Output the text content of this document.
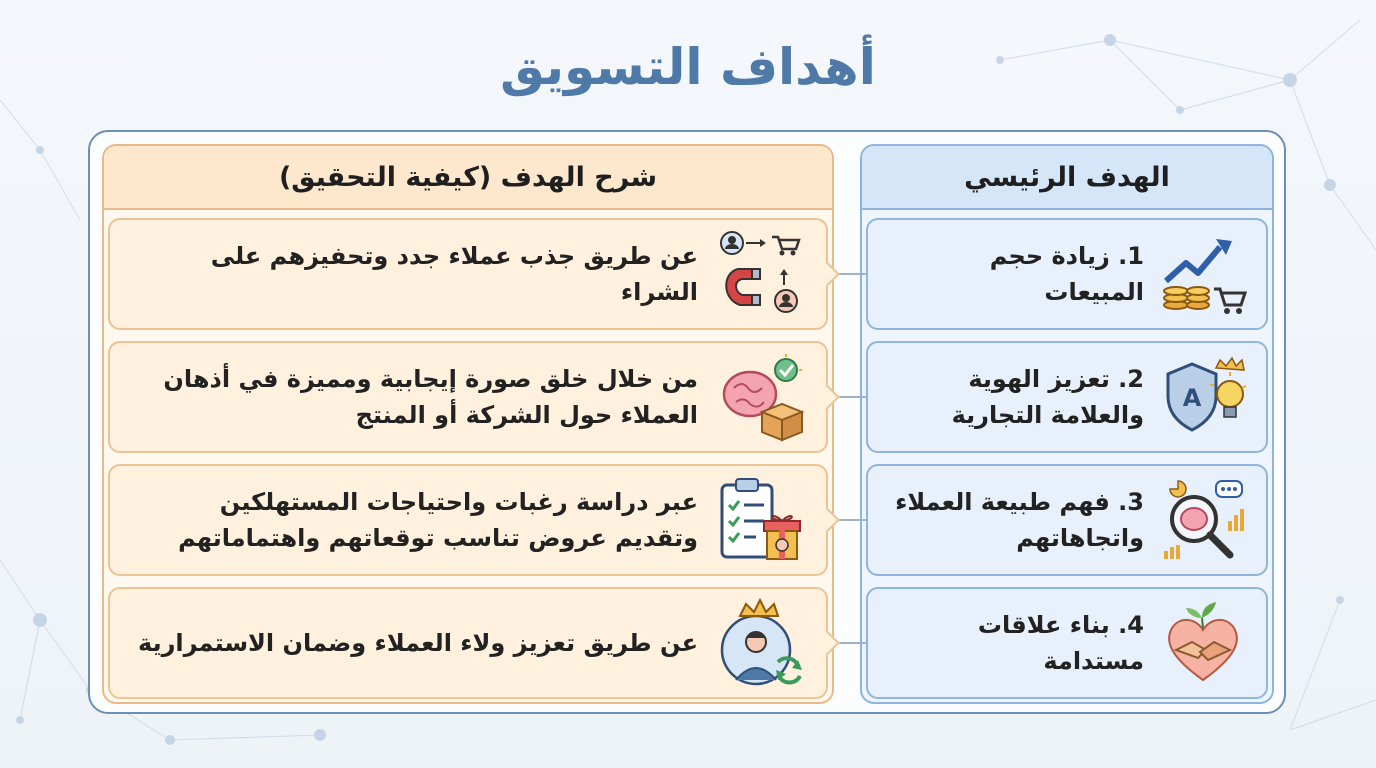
أهداف التسويق
شرح الهدف (كيفية التحقيق)	الهدف الرئيسي
1. زيادة حجم المبيعات
A
2. تعزيز الهوية
والعلامة التجارية
3. فهم طبيعة العملاء
واتجاهاتهم
4. بناء علاقات مستدامة
عن طريق جذب عملاء جدد وتحفيزهم على الشراء
من خلال خلق صورة إيجابية ومميزة في أذهان
العملاء حول الشركة أو المنتج
عبر دراسة رغبات واحتياجات المستهلكين
وتقديم عروض تناسب توقعاتهم واهتماماتهم
عن طريق تعزيز ولاء العملاء وضمان الاستمرارية
